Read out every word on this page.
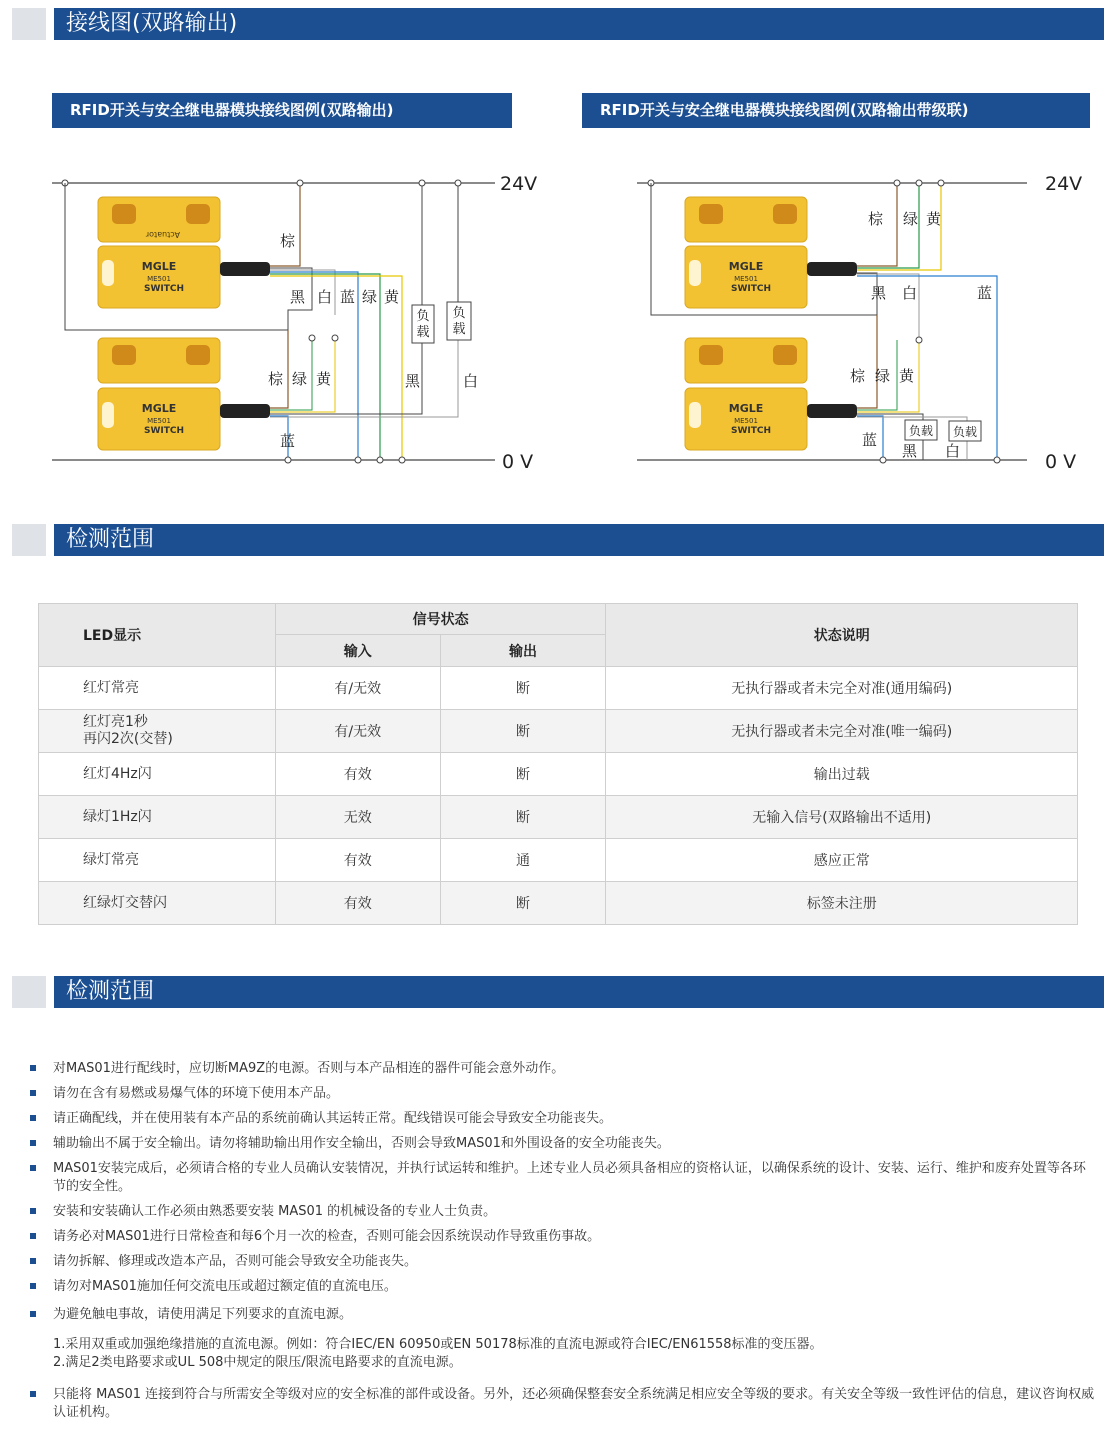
接线图(双路输出)
RFID开关与安全继电器模块接线图例(双路输出)	RFID开关与安全继电器模块接线图例(双路输出带级联)
24V
0 V
Actuator
MGLE
ME501
SWITCH
MGLE
ME501
SWITCH
负
载
负
载
棕
黑 白 蓝 绿 黄
棕 绿 黄
蓝
黑	白
24V
0 V
MGLE
ME501
SWITCH
MGLE
ME501
SWITCH	负载 负载
棕 绿 黄
黑 白	蓝
棕 绿 黄
蓝
黑 白
检测范围
LED显示	信号状态		状态说明
	输入	输出	
红灯常亮	有/无效	断	无执行器或者未完全对准(通用编码)
红灯亮1秒
再闪2次(交替)	有/无效	断	无执行器或者未完全对准(唯一编码)
红灯4Hz闪	有效	断	输出过载
绿灯1Hz闪	无效	断	无输入信号(双路输出不适用)
绿灯常亮	有效	通	感应正常
红绿灯交替闪	有效	断	标签未注册
检测范围
对MAS01进行配线时，应切断MA9Z的电源。否则与本产品相连的器件可能会意外动作。
请勿在含有易燃或易爆气体的环境下使用本产品。
请正确配线，并在使用装有本产品的系统前确认其运转正常。配线错误可能会导致安全功能丧失。
辅助输出不属于安全输出。请勿将辅助输出用作安全输出，否则会导致MAS01和外围设备的安全功能丧失。
MAS01安装完成后，必须请合格的专业人员确认安装情况，并执行试运转和维护。上述专业人员必须具备相应的资格认证，以确保系统的设计、安装、运行、维护和废弃处置等各环节的安全性。
安装和安装确认工作必须由熟悉要安装 MAS01 的机械设备的专业人士负责。
请务必对MAS01进行日常检查和每6个月一次的检查，否则可能会因系统误动作导致重伤事故。
请勿拆解、修理或改造本产品，否则可能会导致安全功能丧失。
请勿对MAS01施加任何交流电压或超过额定值的直流电压。
为避免触电事故，请使用满足下列要求的直流电源。
1.采用双重或加强绝缘措施的直流电源。例如：符合IEC/EN 60950或EN 50178标准的直流电源或符合IEC/EN61558标准的变压器。
2.满足2类电路要求或UL 508中规定的限压/限流电路要求的直流电源。
只能将 MAS01 连接到符合与所需安全等级对应的安全标准的部件或设备。另外，还必须确保整套安全系统满足相应安全等级的要求。有关安全等级一致性评估的信息，建议咨询权威认证机构。
